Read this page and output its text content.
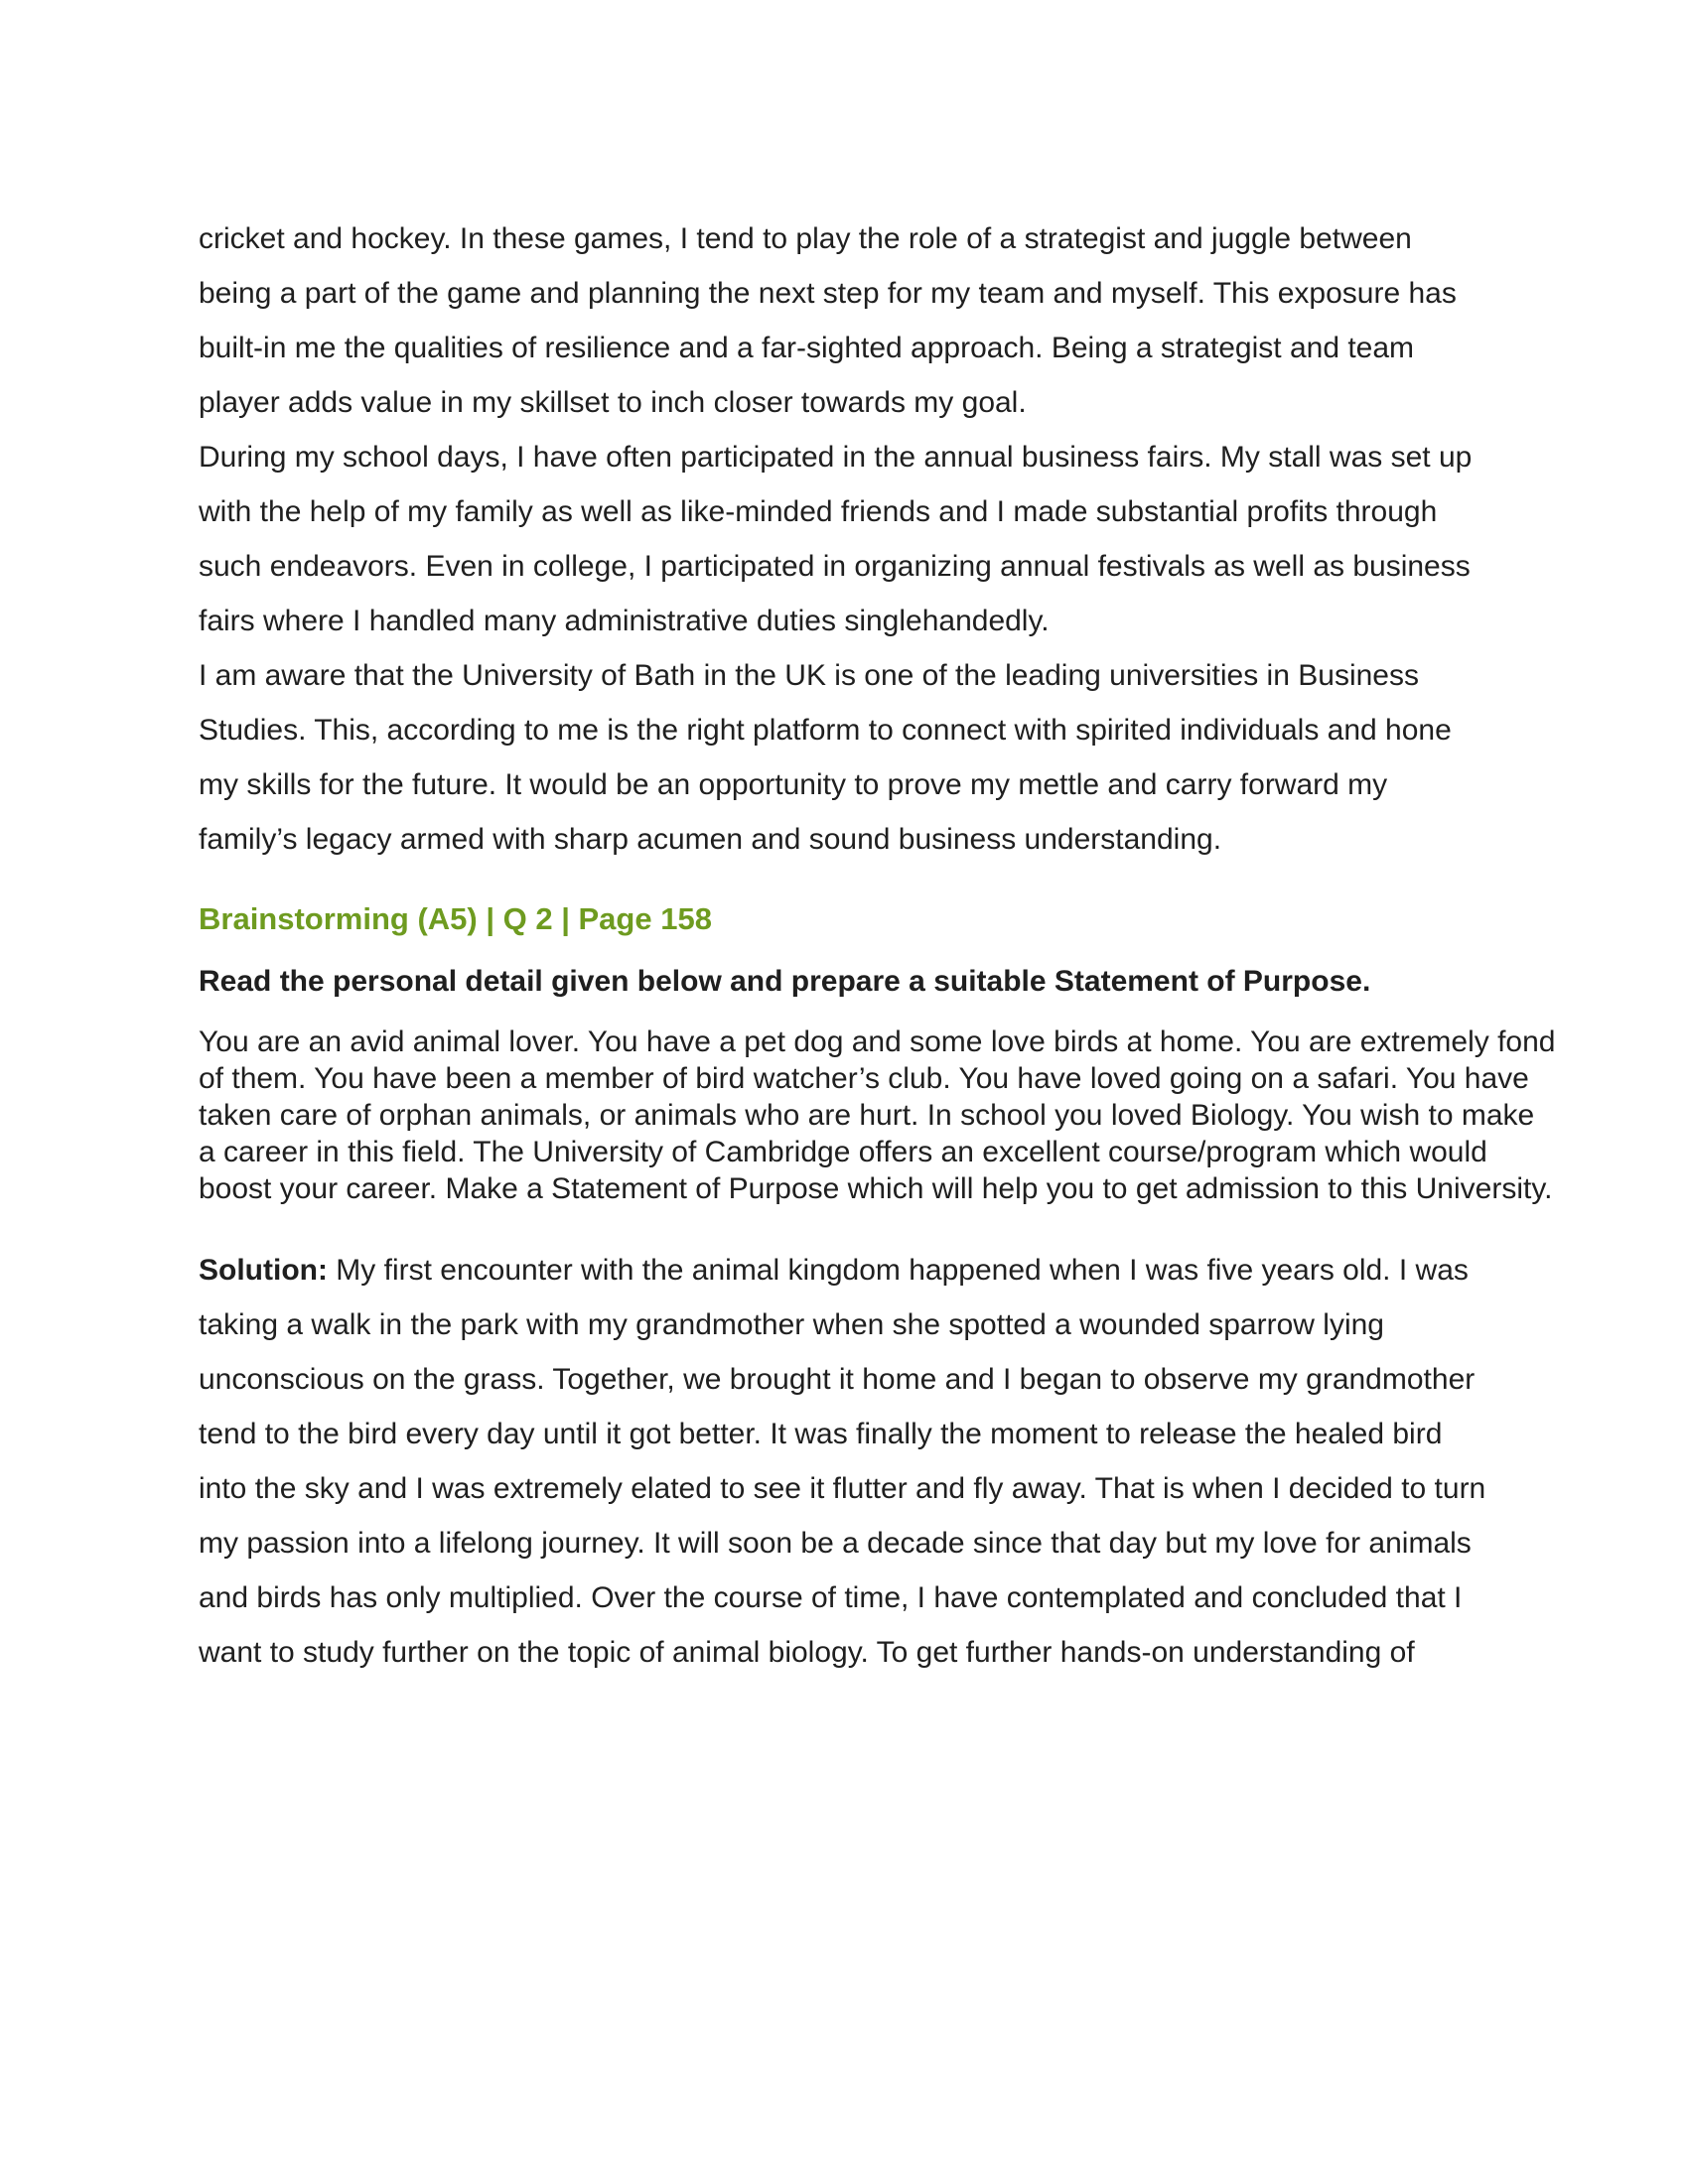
cricket and hockey. In these games, I tend to play the role of a strategist and juggle between being a part of the game and planning the next step for my team and myself. This exposure has built-in me the qualities of resilience and a far-sighted approach. Being a strategist and team player adds value in my skillset to inch closer towards my goal.

During my school days, I have often participated in the annual business fairs. My stall was set up with the help of my family as well as like-minded friends and I made substantial profits through such endeavors. Even in college, I participated in organizing annual festivals as well as business fairs where I handled many administrative duties singlehandedly.

I am aware that the University of Bath in the UK is one of the leading universities in Business Studies. This, according to me is the right platform to connect with spirited individuals and hone my skills for the future. It would be an opportunity to prove my mettle and carry forward my family’s legacy armed with sharp acumen and sound business understanding.

Brainstorming (A5) | Q 2 | Page 158

Read the personal detail given below and prepare a suitable Statement of Purpose.

You are an avid animal lover. You have a pet dog and some love birds at home. You are extremely fond of them. You have been a member of bird watcher’s club. You have loved going on a safari. You have taken care of orphan animals, or animals who are hurt. In school you loved Biology. You wish to make a career in this field. The University of Cambridge offers an excellent course/program which would boost your career. Make a Statement of Purpose which will help you to get admission to this University.

Solution: My first encounter with the animal kingdom happened when I was five years old. I was taking a walk in the park with my grandmother when she spotted a wounded sparrow lying unconscious on the grass. Together, we brought it home and I began to observe my grandmother tend to the bird every day until it got better. It was finally the moment to release the healed bird into the sky and I was extremely elated to see it flutter and fly away. That is when I decided to turn my passion into a lifelong journey. It will soon be a decade since that day but my love for animals and birds has only multiplied. Over the course of time, I have contemplated and concluded that I want to study further on the topic of animal biology. To get further hands-on understanding of
